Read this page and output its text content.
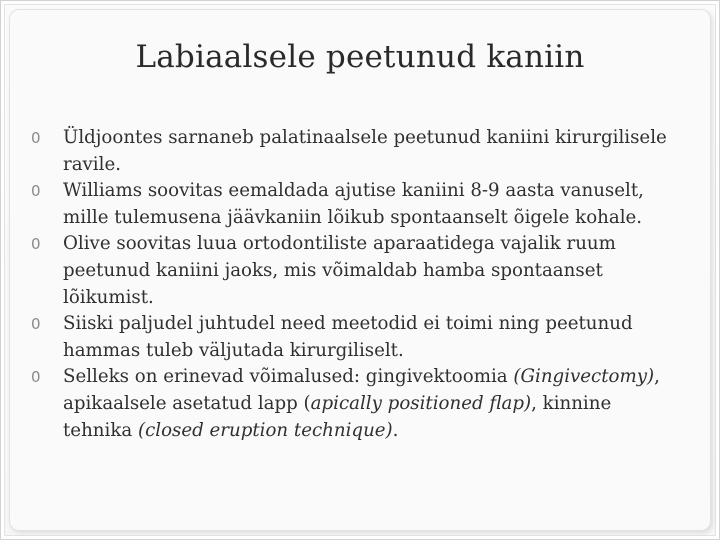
Labiaalsele peetunud kaniin

0	Üldjoontes sarnaneb palatinaalsele peetunud kaniini kirurgilisele ravile.

0	Williams soovitas eemaldada ajutise kaniini 8-9 aasta vanuselt, mille tulemusena jäävkaniin lõikub spontaanselt õigele kohale.

0	Olive soovitas luua ortodontiliste aparaatidega vajalik ruum peetunud kaniini jaoks, mis võimaldab hamba spontaanset lõikumist.

0	Siiski paljudel juhtudel need meetodid ei toimi ning peetunud hammas tuleb väljutada kirurgiliselt.

0	Selleks on erinevad võimalused: gingivektoomia (Gingivectomy), apikaalsele asetatud lapp (apically positioned flap), kinnine tehnika (closed eruption technique).
